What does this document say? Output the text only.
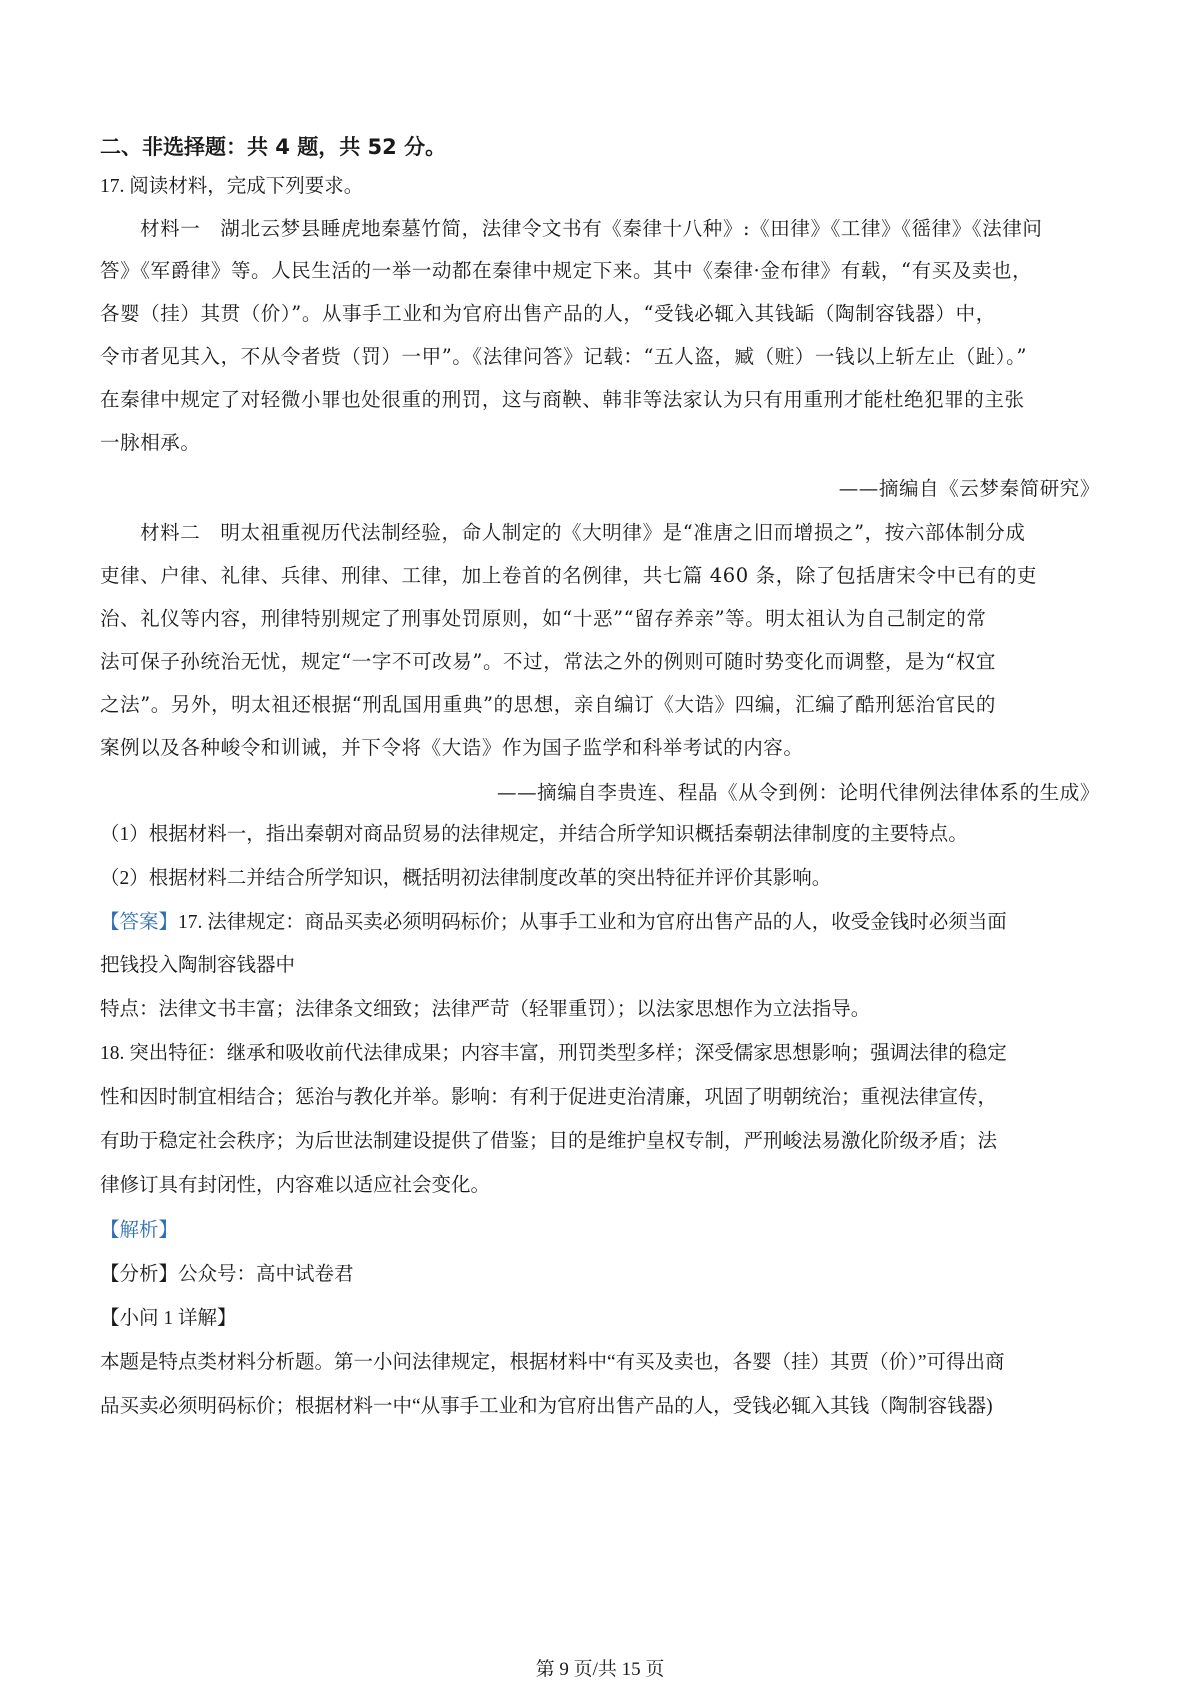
二、非选择题：共 4 题，共 52 分。
17. 阅读材料，完成下列要求。
材料一　湖北云梦县睡虎地秦墓竹简，法律令文书有《秦律十八种》:《田律》《工律》《徭律》《法律问
答》《军爵律》等。人民生活的一举一动都在秦律中规定下来。其中《秦律·金布律》有载，“有买及卖也，
各婴（挂）其贯（价）”。从事手工业和为官府出售产品的人，“受钱必辄入其钱缿（陶制容钱器）中，
令市者见其入，不从令者赀（罚）一甲”。《法律问答》记载：“五人盗，臧（赃）一钱以上斩左止（趾）。”
在秦律中规定了对轻微小罪也处很重的刑罚，这与商鞅、韩非等法家认为只有用重刑才能杜绝犯罪的主张
一脉相承。
——摘编自《云梦秦简研究》
材料二　明太祖重视历代法制经验，命人制定的《大明律》是“准唐之旧而增损之”，按六部体制分成
吏律、户律、礼律、兵律、刑律、工律，加上卷首的名例律，共七篇 460 条，除了包括唐宋令中已有的吏
治、礼仪等内容，刑律特别规定了刑事处罚原则，如“十恶”“留存养亲”等。明太祖认为自己制定的常
法可保子孙统治无忧，规定“一字不可改易”。不过，常法之外的例则可随时势变化而调整，是为“权宜
之法”。另外，明太祖还根据“刑乱国用重典”的思想，亲自编订《大诰》四编，汇编了酷刑惩治官民的
案例以及各种峻令和训诫，并下令将《大诰》作为国子监学和科举考试的内容。
——摘编自李贵连、程晶《从令到例：论明代律例法律体系的生成》
（1）根据材料一，指出秦朝对商品贸易的法律规定，并结合所学知识概括秦朝法律制度的主要特点。
（2）根据材料二并结合所学知识，概括明初法律制度改革的突出特征并评价其影响。
【答案】17. 法律规定：商品买卖必须明码标价；从事手工业和为官府出售产品的人，收受金钱时必须当面
把钱投入陶制容钱器中
特点：法律文书丰富；法律条文细致；法律严苛（轻罪重罚）；以法家思想作为立法指导。
18. 突出特征：继承和吸收前代法律成果；内容丰富，刑罚类型多样；深受儒家思想影响；强调法律的稳定
性和因时制宜相结合；惩治与教化并举。影响：有利于促进吏治清廉，巩固了明朝统治；重视法律宣传，
有助于稳定社会秩序；为后世法制建设提供了借鉴；目的是维护皇权专制，严刑峻法易激化阶级矛盾；法
律修订具有封闭性，内容难以适应社会变化。
【解析】
【分析】公众号：高中试卷君
【小问 1 详解】
本题是特点类材料分析题。第一小问法律规定，根据材料中“有买及卖也，各婴（挂）其贾（价）”可得出商
品买卖必须明码标价；根据材料一中“从事手工业和为官府出售产品的人，受钱必辄入其钱（陶制容钱器)
第 9 页/共 15 页
